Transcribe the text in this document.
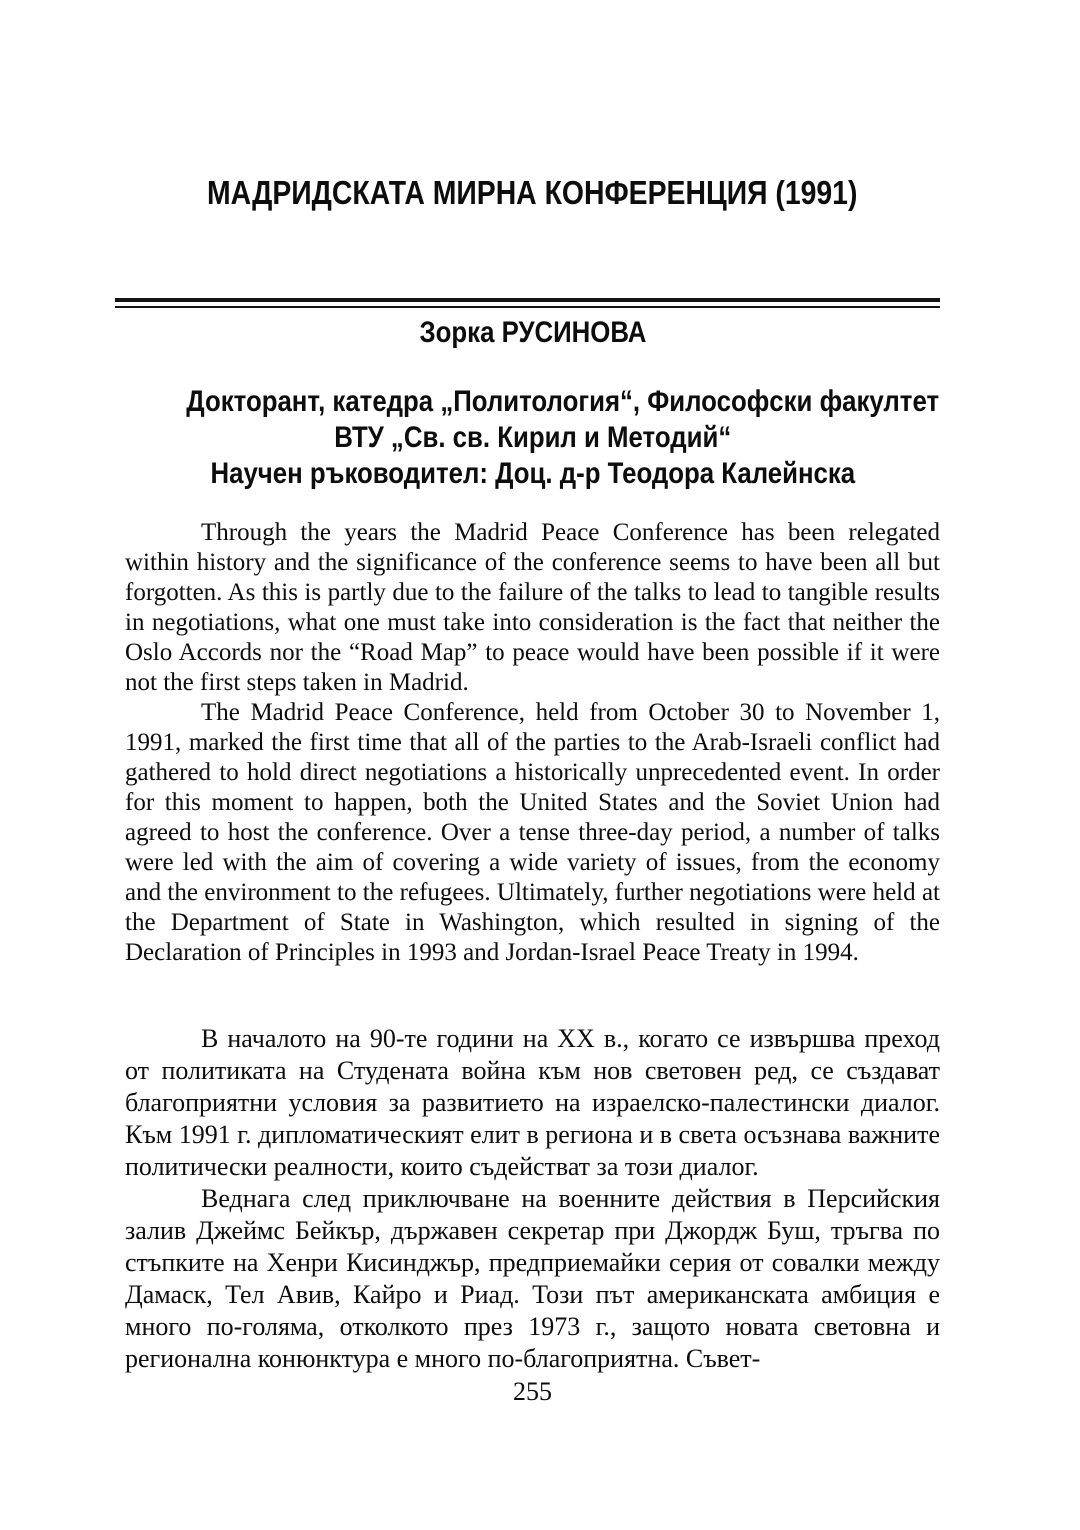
МАДРИДСКАТА МИРНА КОНФЕРЕНЦИЯ (1991)
Зорка РУСИНОВА
Докторант, катедра „Политология“, Философски факултет
ВТУ „Св. св. Кирил и Методий“
Научен ръководител: Доц. д-р Теодора Калейнска

Through the years the Madrid Peace Conference has been relegated within history and the significance of the conference seems to have been all but forgotten. As this is partly due to the failure of the talks to lead to tangible results in negotiations, what one must take into consideration is the fact that neither the Oslo Accords nor the “Road Map” to peace would have been possible if it were not the first steps taken in Madrid.

The Madrid Peace Conference, held from October 30 to November 1, 1991, marked the first time that all of the parties to the Arab-Israeli conflict had gathered to hold direct negotiations a historically unprecedented event. In order for this moment to happen, both the United States and the Soviet Union had agreed to host the conference. Over a tense three-day period, a number of talks were led with the aim of covering a wide variety of issues, from the economy and the environment to the refugees. Ultimately, further negotiations were held at the Department of State in Washington, which resulted in signing of the Declaration of Principles in 1993 and Jordan-Israel Peace Treaty in 1994.

В началото на 90-те години на ХХ в., когато се извършва преход от политиката на Студената война към нов световен ред, се създават благоприятни условия за развитието на израелско-палестински диалог. Към 1991 г. дипломатическият елит в региона и в света осъзнава важните политически реалности, които съдействат за този диалог.

Веднага след приключване на военните действия в Персийския залив Джеймс Бейкър, държавен секретар при Джордж Буш, тръгва по стъпките на Хенри Кисинджър, предприемайки серия от совалки между Дамаск, Тел Авив, Кайро и Риад. Този път американската амбиция е много по-голяма, отколкото през 1973 г., защото новата световна и регионална конюнктура е много по-благоприятна. Съвет-

255
